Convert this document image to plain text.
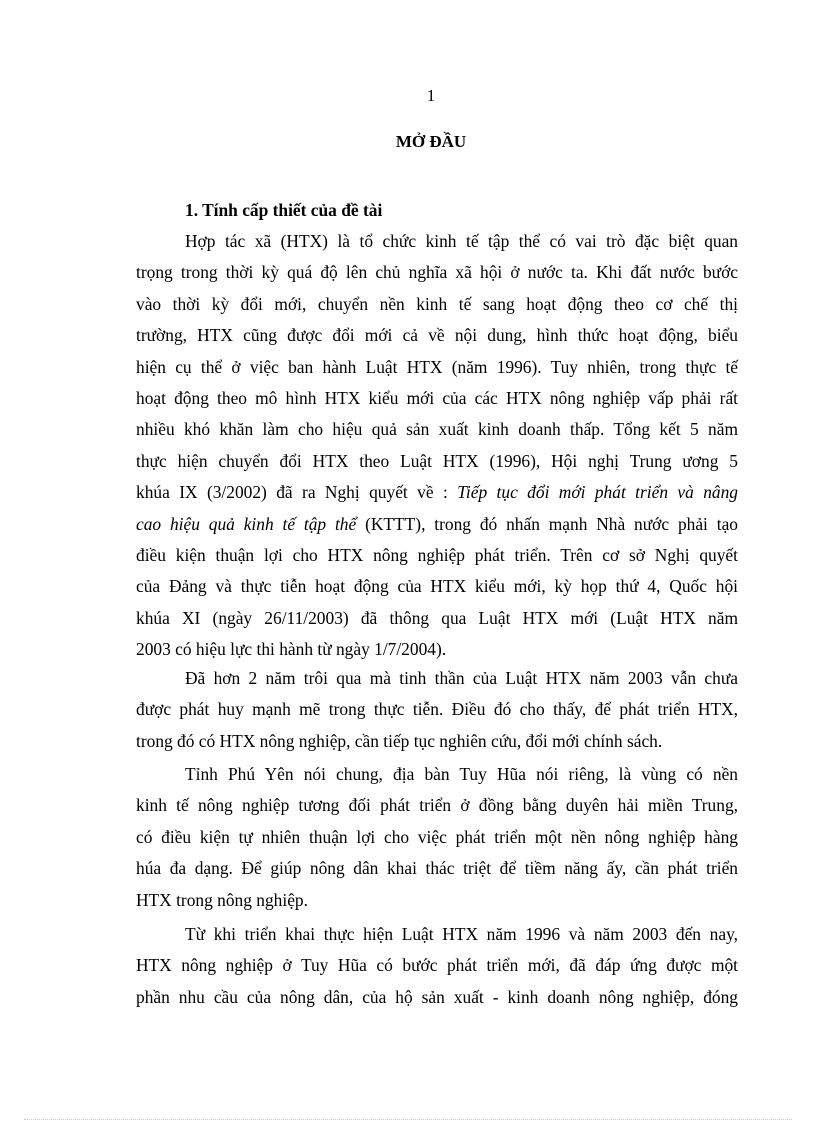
1
MỞ ĐẦU
1. Tính cấp thiết của đề tài
Hợp tác xã (HTX) là tổ chức kinh tế tập thể có vai trò đặc biệt quan
trọng trong thời kỳ quá độ lên chủ nghĩa xã hội ở nước ta. Khi đất nước bước
vào thời kỳ đổi mới, chuyển nền kinh tế sang hoạt động theo cơ chế thị
trường, HTX cũng được đổi mới cả về nội dung, hình thức hoạt động, biểu
hiện cụ thể ở việc ban hành Luật HTX (năm 1996). Tuy nhiên, trong thực tế
hoạt động theo mô hình HTX kiểu mới của các HTX nông nghiệp vấp phải rất
nhiều khó khăn làm cho hiệu quả sản xuất kinh doanh thấp. Tổng kết 5 năm
thực hiện chuyển đổi HTX theo Luật HTX (1996), Hội nghị Trung ương 5
khúa IX (3/2002) đã ra Nghị quyết về : Tiếp tục đổi mới phát triển và nâng
cao hiệu quả kinh tế tập thể (KTTT), trong đó nhấn mạnh Nhà nước phải tạo
điều kiện thuận lợi cho HTX nông nghiệp phát triển. Trên cơ sở Nghị quyết
của Đảng và thực tiễn hoạt động của HTX kiểu mới, kỳ họp thứ 4, Quốc hội
khúa XI (ngày 26/11/2003) đã thông qua Luật HTX mới (Luật HTX năm
2003 có hiệu lực thi hành từ ngày 1/7/2004).
Đã hơn 2 năm trôi qua mà tinh thần của Luật HTX năm 2003 vẫn chưa
được phát huy mạnh mẽ trong thực tiễn. Điều đó cho thấy, để phát triển HTX,
trong đó có HTX nông nghiệp, cần tiếp tục nghiên cứu, đổi mới chính sách.
Tỉnh Phú Yên nói chung, địa bàn Tuy Hũa nói riêng, là vùng có nền
kinh tế nông nghiệp tương đối phát triển ở đồng bằng duyên hải miền Trung,
có điều kiện tự nhiên thuận lợi cho việc phát triển một nền nông nghiệp hàng
húa đa dạng. Để giúp nông dân khai thác triệt để tiềm năng ấy, cần phát triển
HTX trong nông nghiệp.
Từ khi triển khai thực hiện Luật HTX năm 1996 và năm 2003 đến nay,
HTX nông nghiệp ở Tuy Hũa có bước phát triển mới, đã đáp ứng được một
phần nhu cầu của nông dân, của hộ sản xuất - kinh doanh nông nghiệp, đóng
